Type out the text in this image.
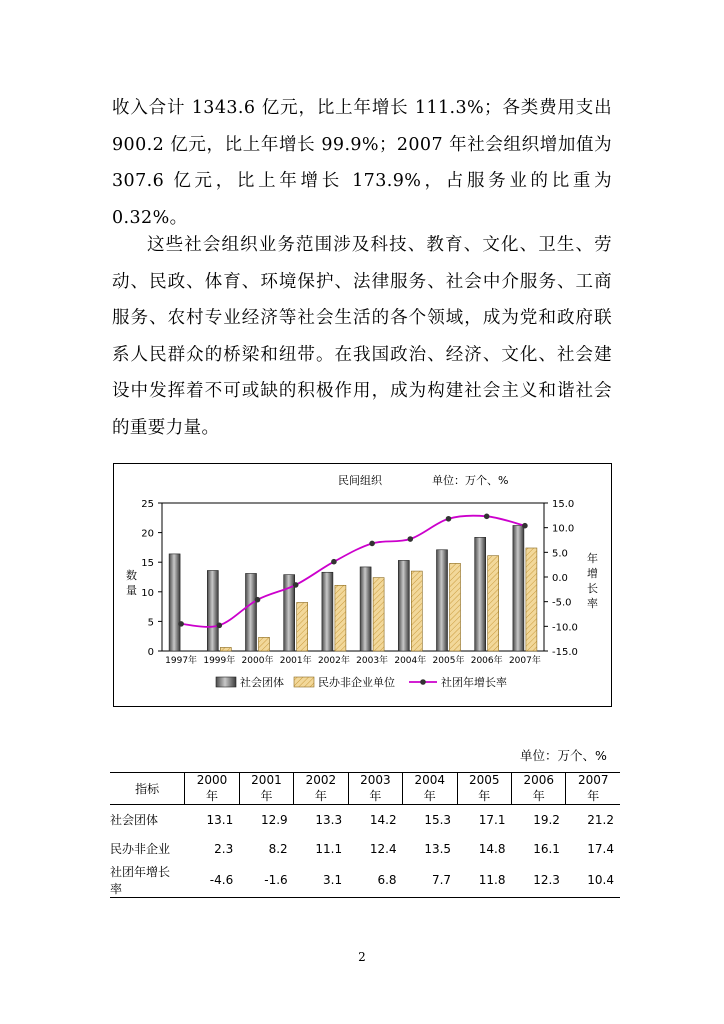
收入合计 1343.6 亿元，比上年增长 111.3%；各类费用支出 900.2 亿元，比上年增长 99.9%；2007 年社会组织增加值为 307.6 亿元，比上年增长 173.9%，占服务业的比重为 0.32%。

这些社会组织业务范围涉及科技、教育、文化、卫生、劳动、民政、体育、环境保护、法律服务、社会中介服务、工商服务、农村专业经济等社会生活的各个领域，成为党和政府联系人民群众的桥梁和纽带。在我国政治、经济、文化、社会建设中发挥着不可或缺的积极作用，成为构建社会主义和谐社会的重要力量。

民间组织	单位：万个、%
0
5
10
15
20
25
-15.0
-10.0
-5.0
0.0
5.0
10.0
15.0
数
量
年
增
长
率
1997年 1999年 2000年 2001年 2002年 2003年 2004年 2005年 2006年 2007年
社会团体	民办非企业单位	社团年增长率
单位：万个、%
指标	2000 年	2001 年	2002 年	2003 年	2004 年	2005 年	2006 年	2007 年
社会团体	13.1	12.9	13.3	14.2	15.3	17.1	19.2	21.2
民办非企业	2.3	8.2	11.1	12.4	13.5	14.8	16.1	17.4
社团年增长率	-4.6	-1.6	3.1	6.8	7.7	11.8	12.3	10.4
2
